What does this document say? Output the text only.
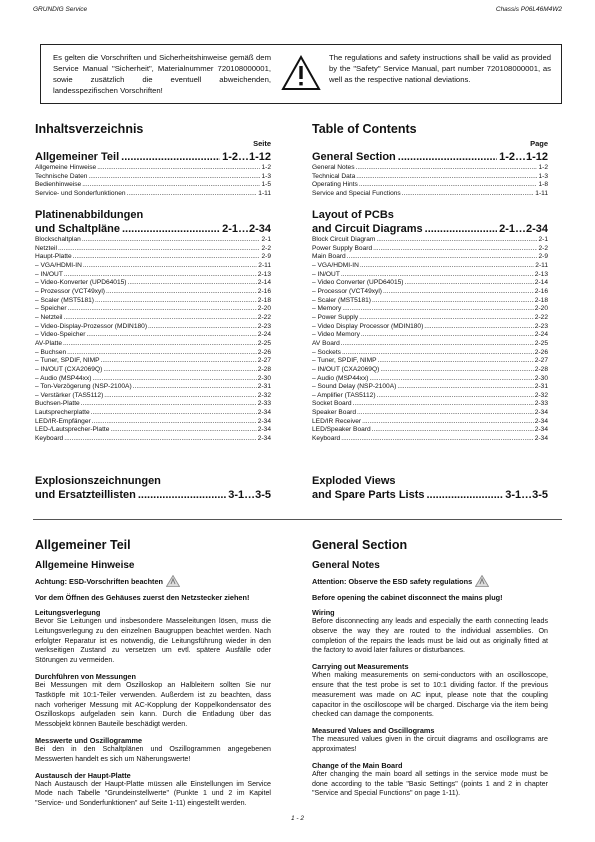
GRUNDIG Service	Chassis P06L46M4W2
Es gelten die Vorschriften und Sicherheitshinweise gemäß dem Service Manual "Sicherheit", Materialnummer 720108000001, sowie zusätzlich die eventuell abweichenden, landesspezifischen Vorschriften!
The regulations and safety instructions shall be valid as provided by the "Safety" Service Manual, part number 720108000001, as well as the respective national deviations.
Inhaltsverzeichnis
Seite
Allgemeiner Teil .....	1-2…1-12
Allgemeine Hinweise .....	1-2
Technische Daten .....	1-3
Bedienhinweise .....	1-5
Service- und Sonderfunktionen .....	1-11
Platinenabbildungen
und Schaltpläne .....	2-1…2-34
Blockschaltplan .....	2-1
Netzteil .....	2-2
Haupt-Platte .....	2-9
– VGA/HDMI-IN .....	2-11
– IN/OUT .....	2-13
– Video-Konverter (UPD64015) .....	2-14
– Prozessor (VCT49xyl) .....	2-16
– Scaler (MST5181) .....	2-18
– Speicher .....	2-20
– Netzteil .....	2-22
– Video-Display-Prozessor (MDIN180) .....	2-23
– Video-Speicher .....	2-24
AV-Platte .....	2-25
– Buchsen .....	2-26
– Tuner, SPDIF, NIMP .....	2-27
– IN/OUT (CXA2069Q) .....	2-28
– Audio (MSP44xx) .....	2-30
– Ton-Verzögerung (NSP-2100A) .....	2-31
– Verstärker (TAS5112) .....	2-32
Buchsen-Platte .....	2-33
Lautsprecherplatte .....	2-34
LED/IR-Empfänger .....	2-34
LED-/Lautsprecher-Platte .....	2-34
Keyboard .....	2-34
Explosionszeichnungen
und Ersatzteillisten .....	3-1…3-5
Table of Contents
Page
General Section .....	1-2…1-12
General Notes .....	1-2
Technical Data .....	1-3
Operating Hints .....	1-8
Service and Special Functions .....	1-11
Layout of PCBs
and Circuit Diagrams .....	2-1…2-34
Block Circuit Diagram .....	2-1
Power Supply Board .....	2-2
Main Board .....	2-9
– VGA/HDMI-IN .....	2-11
– IN/OUT .....	2-13
– Video Converter (UPD64015) .....	2-14
– Processor (VCT49xyl) .....	2-16
– Scaler (MST5181) .....	2-18
– Memory .....	2-20
– Power Supply .....	2-22
– Video Display Processor (MDIN180) .....	2-23
– Video Memory .....	2-24
AV Board .....	2-25
– Sockets .....	2-26
– Tuner, SPDIF, NIMP .....	2-27
– IN/OUT (CXA2069Q) .....	2-28
– Audio (MSP44xx) .....	2-30
– Sound Delay (NSP-2100A) .....	2-31
– Amplifier (TAS5112) .....	2-32
Socket Board .....	2-33
Speaker Board .....	2-34
LED/IR Receiver .....	2-34
LED/Speaker Board .....	2-34
Keyboard .....	2-34
Exploded Views
and Spare Parts Lists .....	3-1…3-5
Allgemeiner Teil
Allgemeine Hinweise
Achtung: ESD-Vorschriften beachten
Vor dem Öffnen des Gehäuses zuerst den Netzstecker ziehen!
Leitungsverlegung
Bevor Sie Leitungen und insbesondere Masseleitungen lösen, muss die Leitungsverlegung zu den einzelnen Baugruppen beachtet werden. Nach erfolgter Reparatur ist es notwendig, die Leitungsführung wieder in den werkseitigen Zustand zu versetzen um evtl. spätere Ausfälle oder Störungen zu vermeiden.
Durchführen von Messungen
Bei Messungen mit dem Oszilloskop an Halbleitern sollten Sie nur Tastköpfe mit 10:1-Teiler verwenden. Außerdem ist zu beachten, dass nach vorheriger Messung mit AC-Kopplung der Koppelkondensator des Oszilloskops aufgeladen sein kann. Durch die Entladung über das Messobjekt können Bauteile beschädigt werden.
Messwerte und Oszillogramme
Bei den in den Schaltplänen und Oszillogrammen angegebenen Messwerten handelt es sich um Näherungswerte!
Austausch der Haupt-Platte
Nach Austausch der Haupt-Platte müssen alle Einstellungen im Service Mode nach Tabelle "Grundeinstellwerte" (Punkte 1 und 2 im Kapitel "Service- und Sonderfunktionen" auf Seite 1-11) eingestellt werden.
General Section
General Notes
Attention: Observe the ESD safety regulations
Before opening the cabinet disconnect the mains plug!
Wiring
Before disconnecting any leads and especially the earth connecting leads observe the way they are routed to the individual assemblies. On completion of the repairs the leads must be laid out as originally fitted at the factory to avoid later failures or disturbances.
Carrying out Measurements
When making measurements on semi-conductors with an oscilloscope, ensure that the test probe is set to 10:1 dividing factor. If the previous measurement was made on AC input, please note that the coupling capacitor in the oscilloscope will be charged. Discharge via the item being checked can damage the components.
Measured Values and Oscillograms
The measured values given in the circuit diagrams and oscillograms are approximates!
Change of the Main Board
After changing the main board all settings in the service mode must be done according to the table "Basic Settings" (points 1 and 2 in chapter "Service and Special Functions" on page 1-11).
1 - 2
